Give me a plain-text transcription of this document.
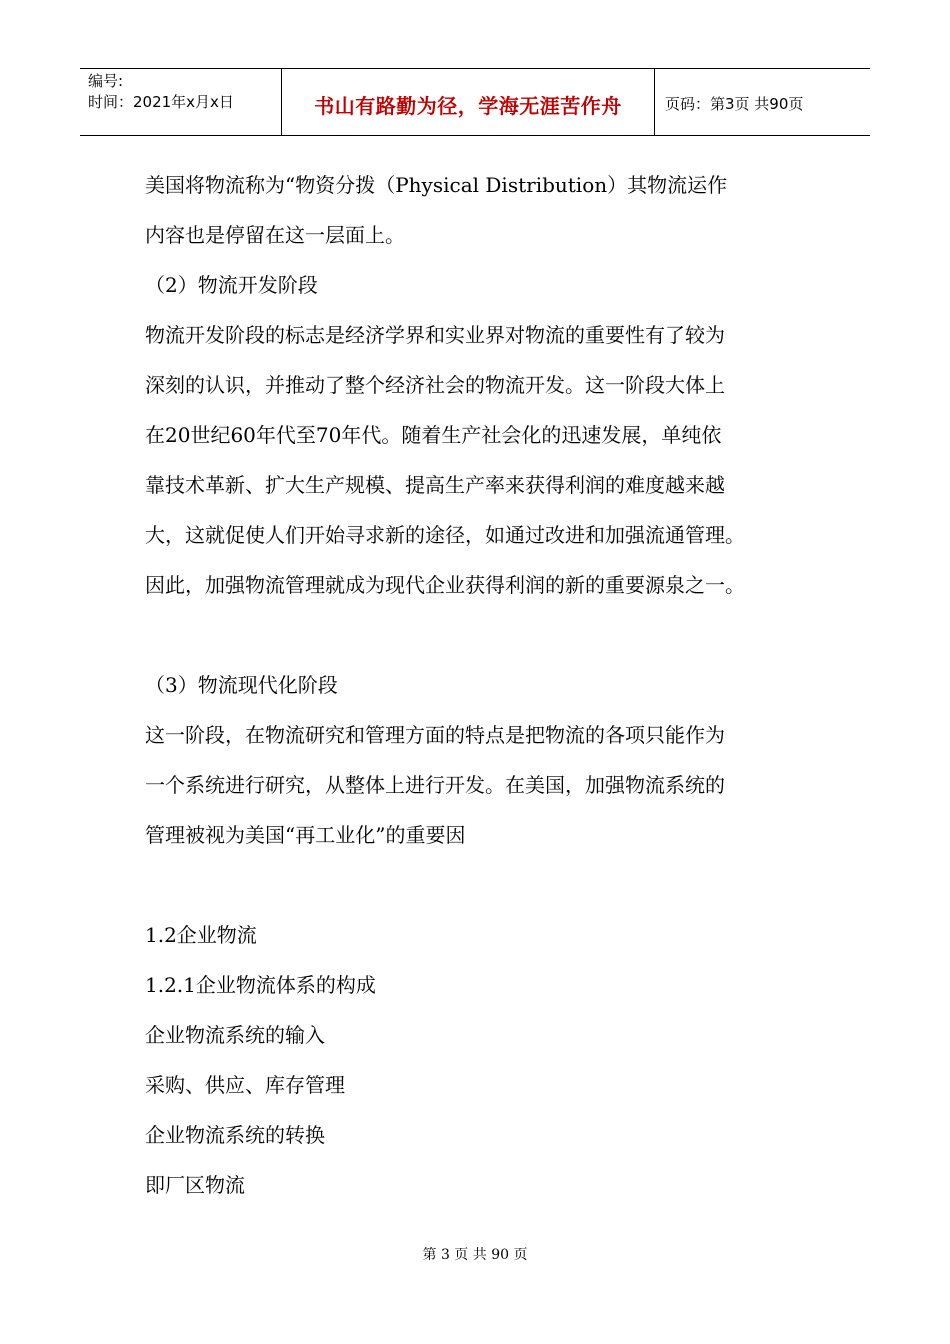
编号:
时间：2021年x月x日	书山有路勤为径，学海无涯苦作舟	页码：第3页 共90页
美国将物流称为“物资分拨（Physical Distribution）其物流运作
内容也是停留在这一层面上。
（2）物流开发阶段
物流开发阶段的标志是经济学界和实业界对物流的重要性有了较为
深刻的认识，并推动了整个经济社会的物流开发。这一阶段大体上
在20世纪60年代至70年代。随着生产社会化的迅速发展，单纯依
靠技术革新、扩大生产规模、提高生产率来获得利润的难度越来越
大，这就促使人们开始寻求新的途径，如通过改进和加强流通管理。
因此，加强物流管理就成为现代企业获得利润的新的重要源泉之一。
（3）物流现代化阶段
这一阶段，在物流研究和管理方面的特点是把物流的各项只能作为
一个系统进行研究，从整体上进行开发。在美国，加强物流系统的
管理被视为美国“再工业化”的重要因
1.2企业物流
1.2.1企业物流体系的构成
企业物流系统的输入
采购、供应、库存管理
企业物流系统的转换
即厂区物流
第 3 页 共 90 页
